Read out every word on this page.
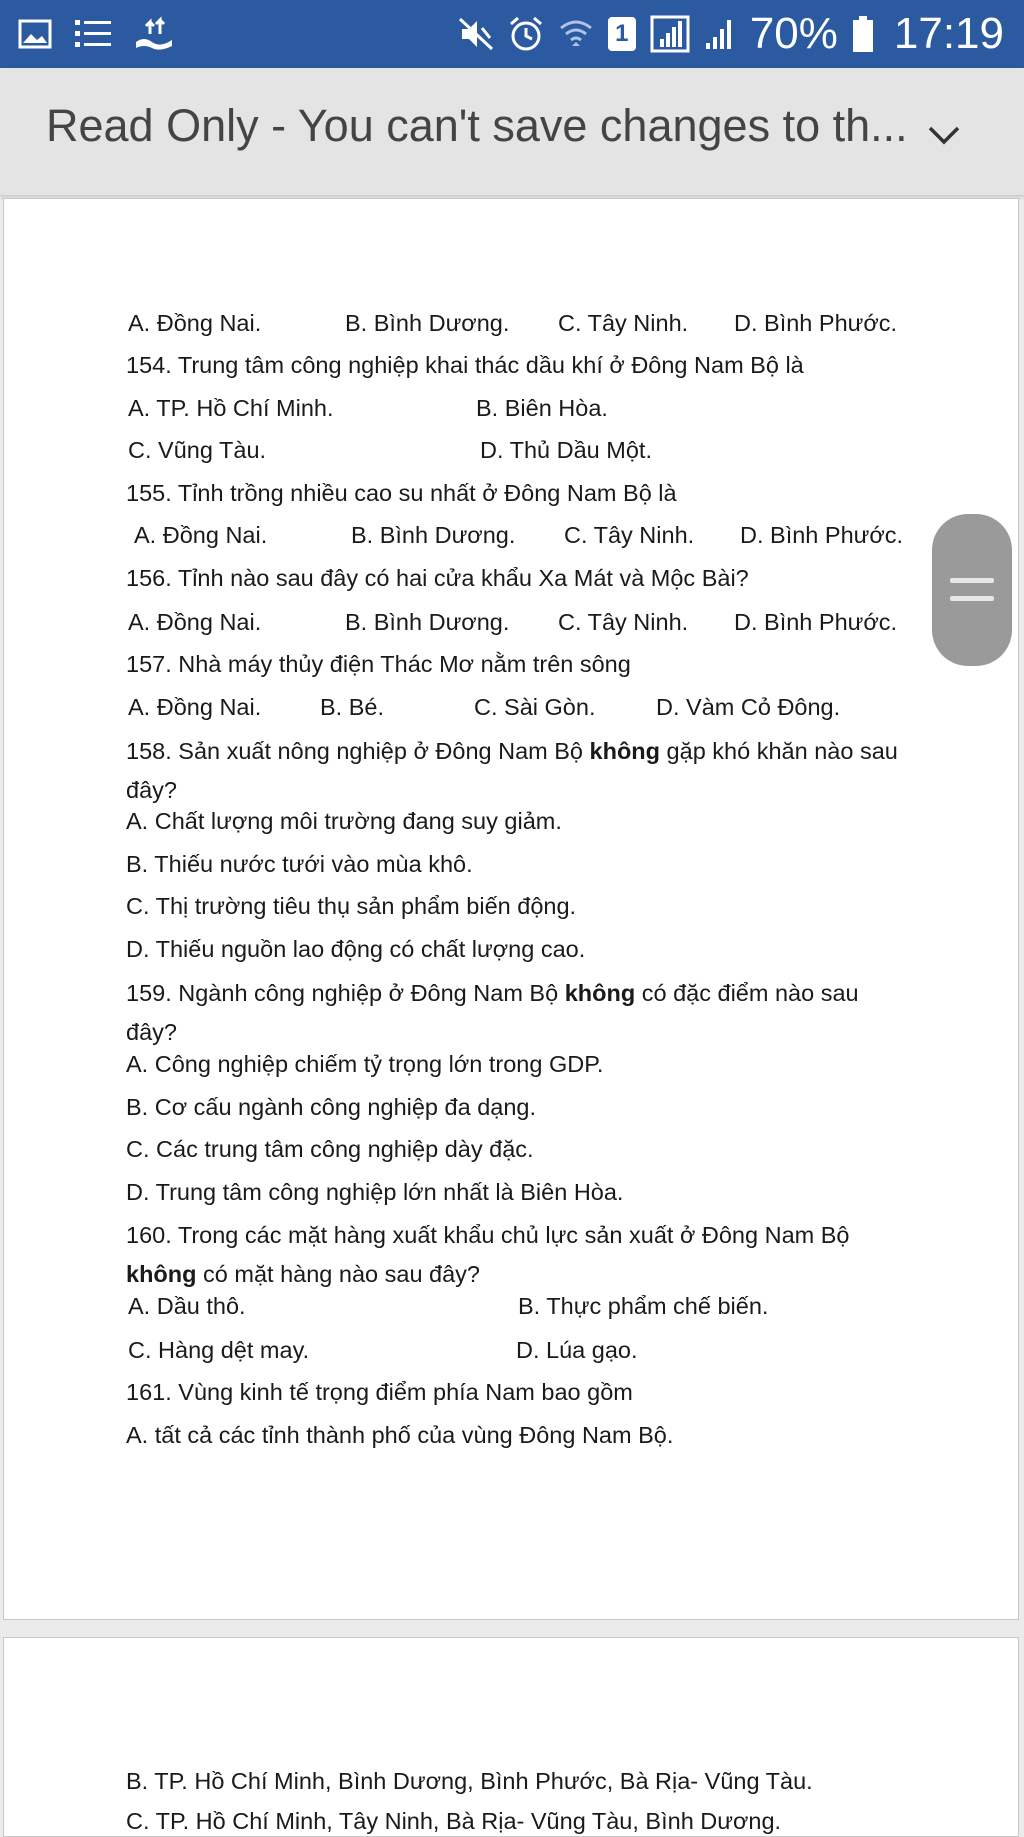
1	70% 17:19
Read Only - You can't save changes to th...
A. Đồng Nai.	B. Bình Dương. C. Tây Ninh. D. Bình Phước.
154. Trung tâm công nghiệp khai thác dầu khí ở Đông Nam Bộ là
A. TP. Hồ Chí Minh.	B. Biên Hòa.
C. Vũng Tàu.	D. Thủ Dầu Một.
155. Tỉnh trồng nhiều cao su nhất ở Đông Nam Bộ là
A. Đồng Nai.	B. Bình Dương. C. Tây Ninh. D. Bình Phước.
156. Tỉnh nào sau đây có hai cửa khẩu Xa Mát và Mộc Bài?
A. Đồng Nai.	B. Bình Dương. C. Tây Ninh. D. Bình Phước.
157. Nhà máy thủy điện Thác Mơ nằm trên sông
A. Đồng Nai.	B. Bé.	C. Sài Gòn.	D. Vàm Cỏ Đông.
158. Sản xuất nông nghiệp ở Đông Nam Bộ không gặp khó khăn nào sau
đây?
A. Chất lượng môi trường đang suy giảm.
B. Thiếu nước tưới vào mùa khô.
C. Thị trường tiêu thụ sản phẩm biến động.
D. Thiếu nguồn lao động có chất lượng cao.
159. Ngành công nghiệp ở Đông Nam Bộ không có đặc điểm nào sau
đây?
A. Công nghiệp chiếm tỷ trọng lớn trong GDP.
B. Cơ cấu ngành công nghiệp đa dạng.
C. Các trung tâm công nghiệp dày đặc.
D. Trung tâm công nghiệp lớn nhất là Biên Hòa.
160. Trong các mặt hàng xuất khẩu chủ lực sản xuất ở Đông Nam Bộ
không có mặt hàng nào sau đây?
A. Dầu thô.	B. Thực phẩm chế biến.
C. Hàng dệt may.	D. Lúa gạo.
161. Vùng kinh tế trọng điểm phía Nam bao gồm
A. tất cả các tỉnh thành phố của vùng Đông Nam Bộ.
B. TP. Hồ Chí Minh, Bình Dương, Bình Phước, Bà Rịa- Vũng Tàu.
C. TP. Hồ Chí Minh, Tây Ninh, Bà Rịa- Vũng Tàu, Bình Dương.
